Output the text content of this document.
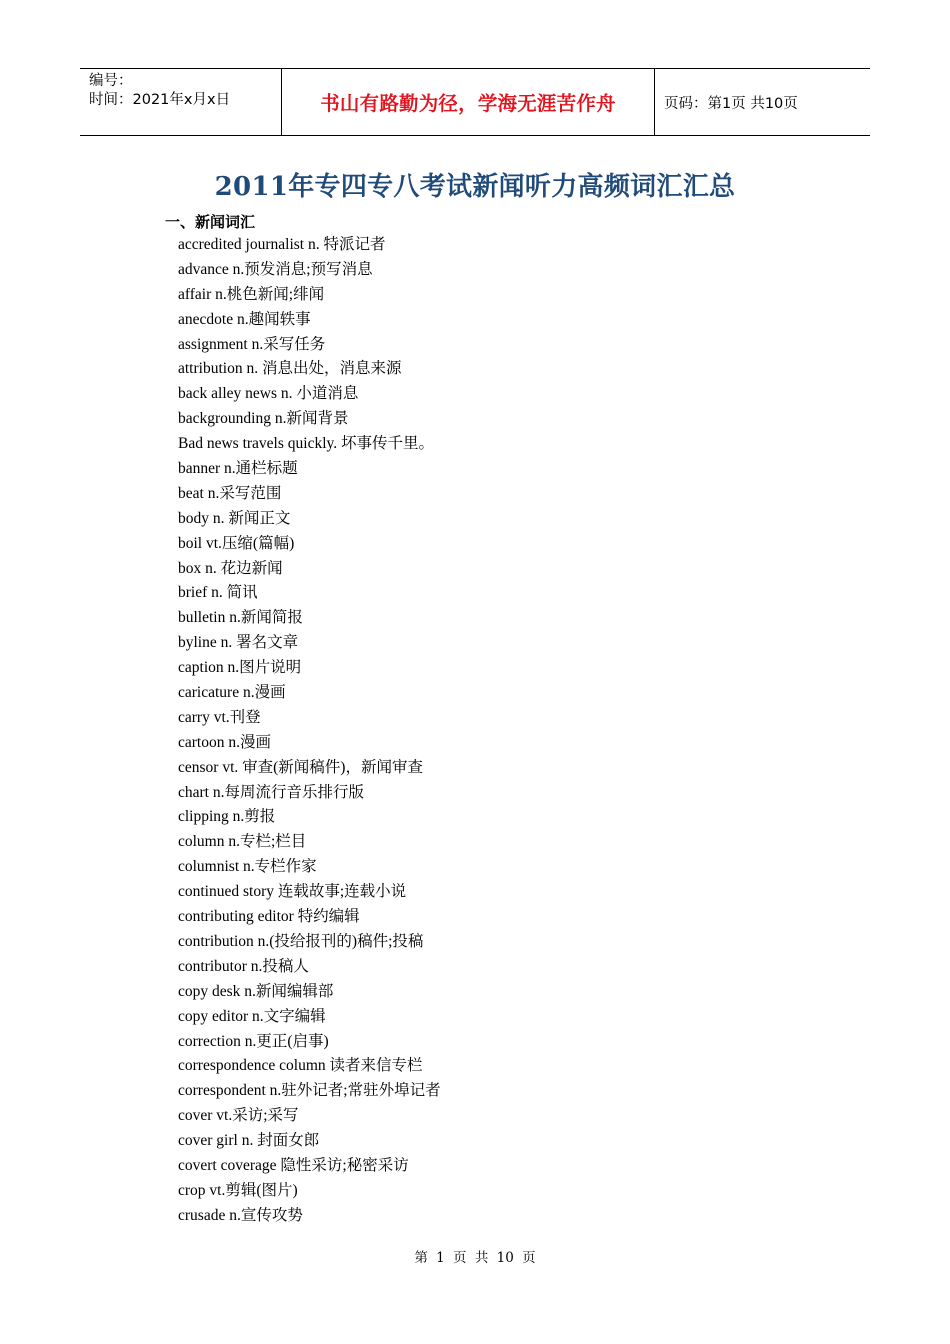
编号：
时间：2021年x月x日	书山有路勤为径，学海无涯苦作舟	页码：第1页 共10页
2011年专四专八考试新闻听力高频词汇汇总
一、新闻词汇
accredited journalist n. 特派记者
advance n.预发消息;预写消息
affair n.桃色新闻;绯闻
anecdote n.趣闻轶事
assignment n.采写任务
attribution n. 消息出处，消息来源
back alley news n. 小道消息
backgrounding n.新闻背景
Bad news travels quickly. 坏事传千里。
banner n.通栏标题
beat n.采写范围
body n. 新闻正文
boil vt.压缩(篇幅)
box n. 花边新闻
brief n. 简讯
bulletin n.新闻简报
byline n. 署名文章
caption n.图片说明
caricature n.漫画
carry vt.刊登
cartoon n.漫画
censor vt. 审查(新闻稿件)，新闻审查
chart n.每周流行音乐排行版
clipping n.剪报
column n.专栏;栏目
columnist n.专栏作家
continued story 连载故事;连载小说
contributing editor 特约编辑
contribution n.(投给报刊的)稿件;投稿
contributor n.投稿人
copy desk n.新闻编辑部
copy editor n.文字编辑
correction n.更正(启事)
correspondence column 读者来信专栏
correspondent n.驻外记者;常驻外埠记者
cover vt.采访;采写
cover girl n. 封面女郎
covert coverage 隐性采访;秘密采访
crop vt.剪辑(图片)
crusade n.宣传攻势
第 1 页 共 10 页
